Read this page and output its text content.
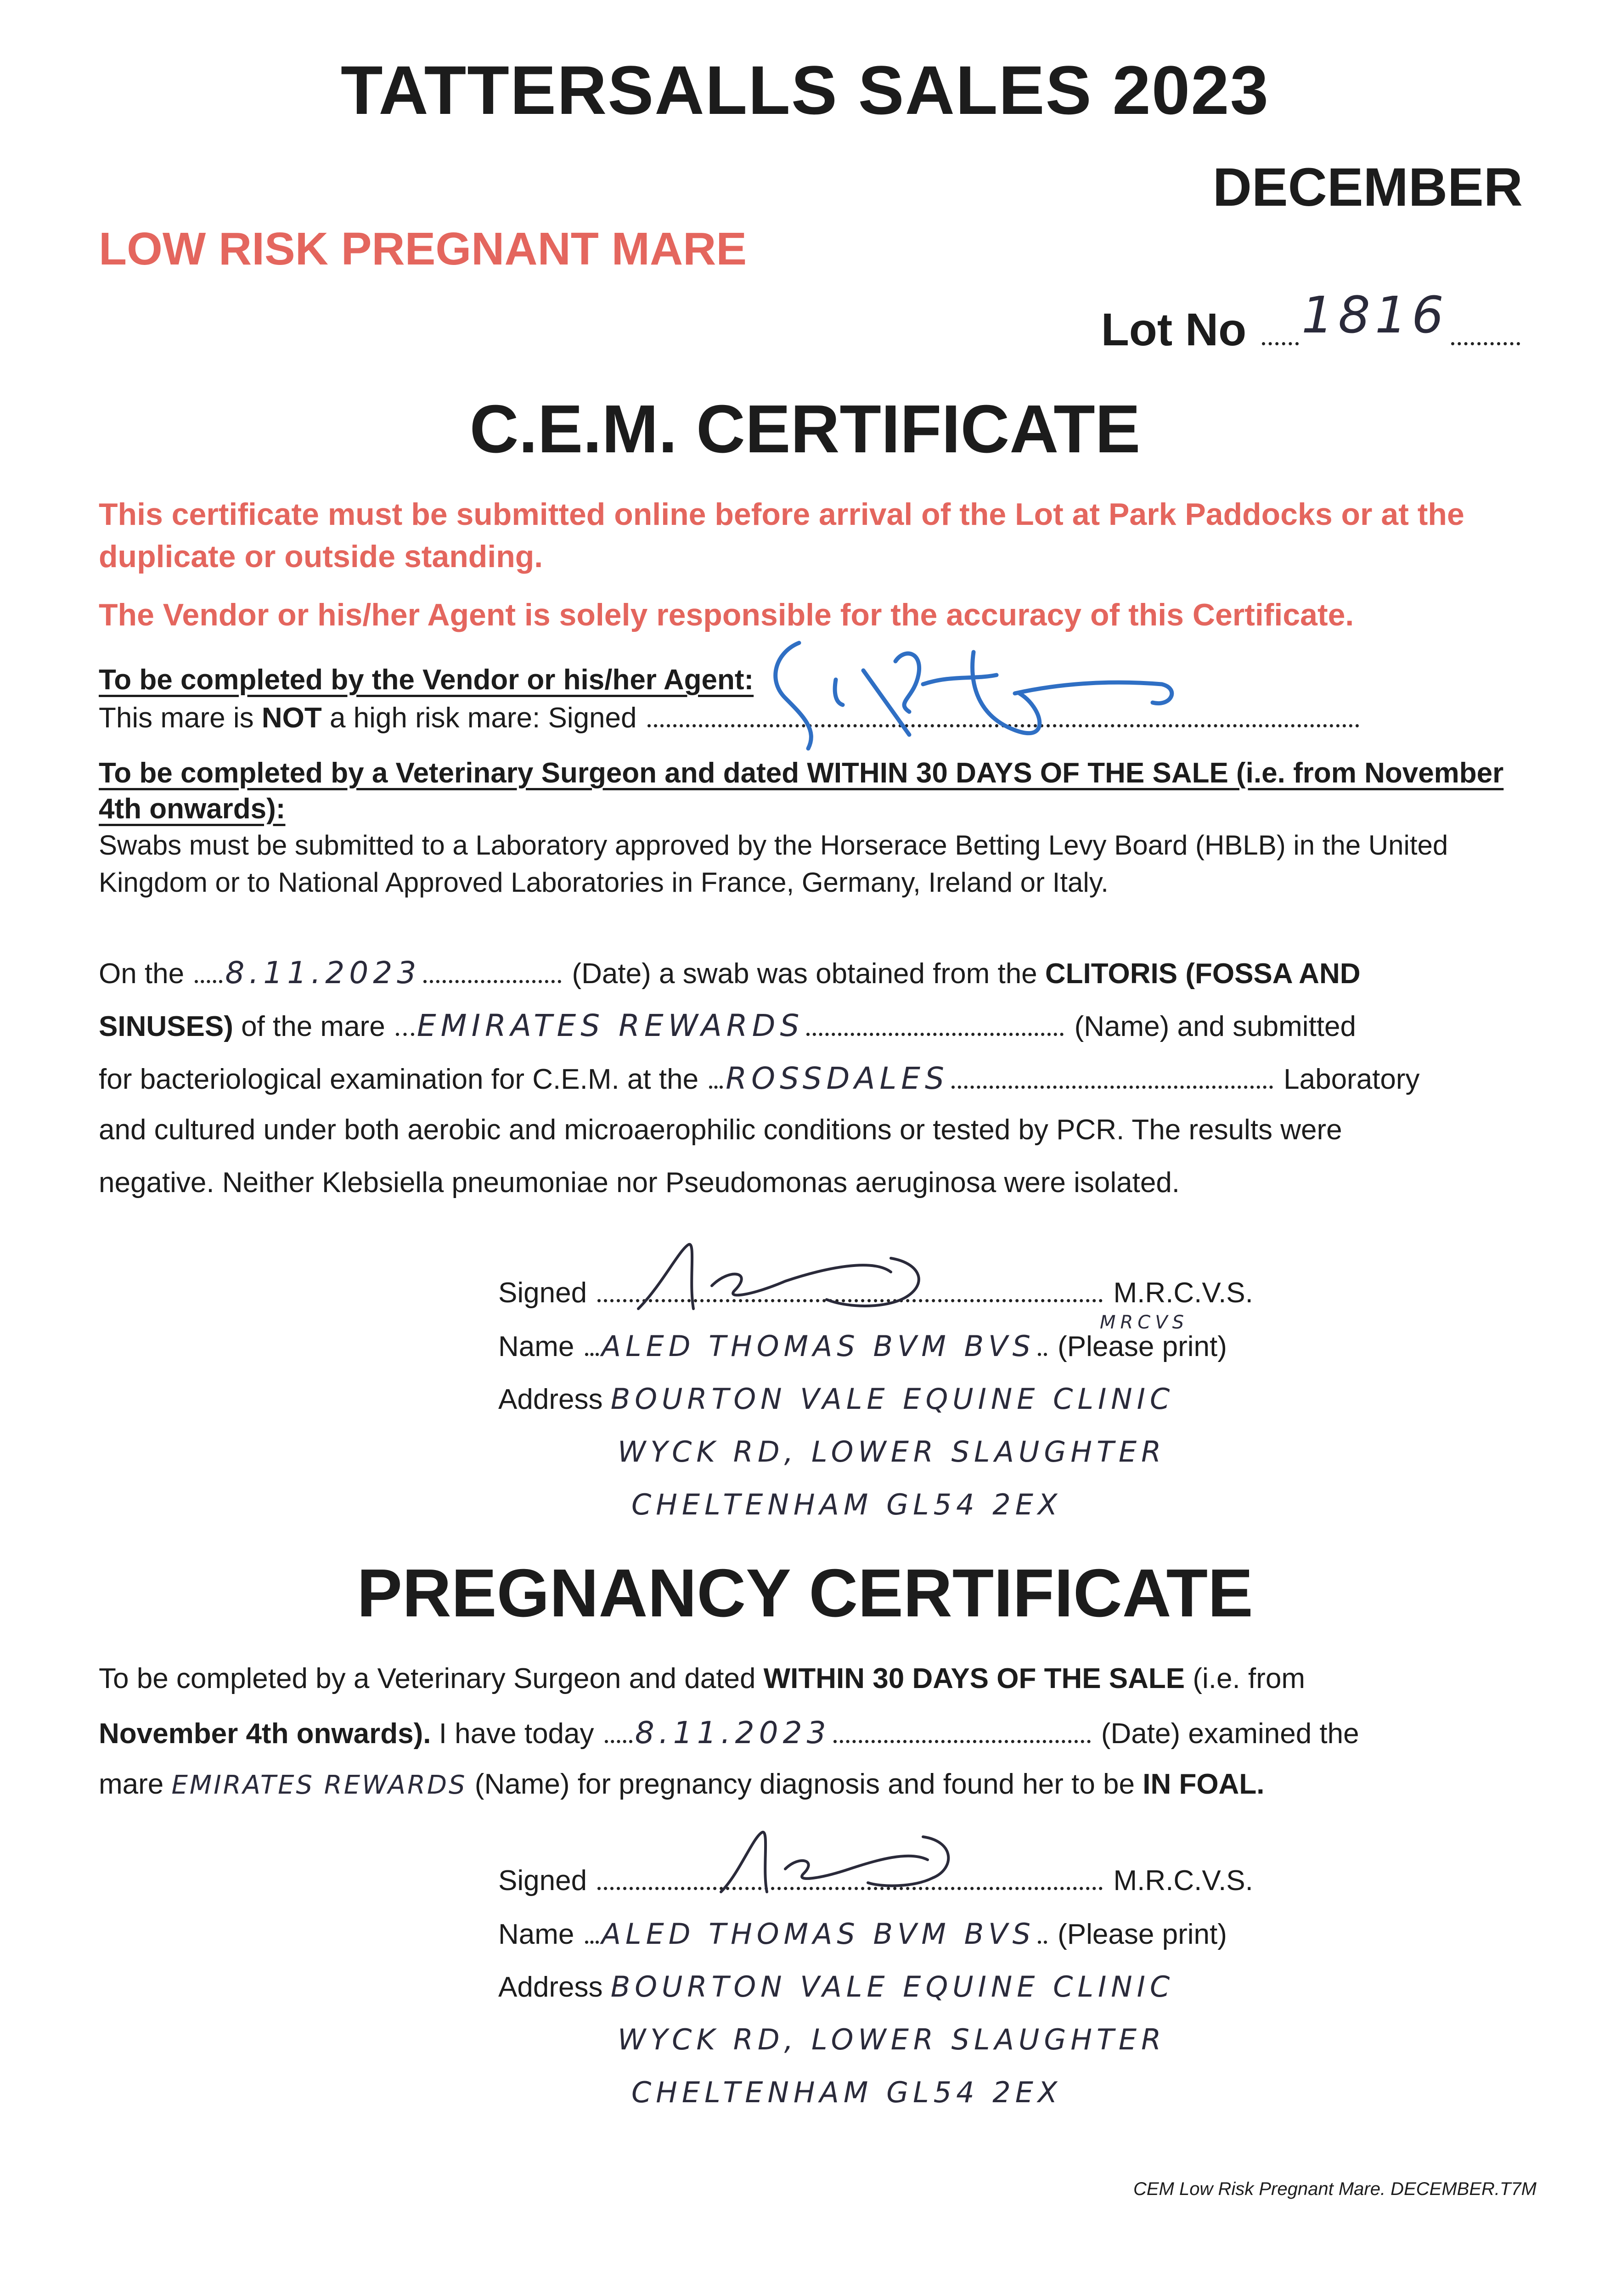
TATTERSALLS SALES 2023
DECEMBER
LOW RISK PREGNANT MARE
Lot No 1816
C.E.M. CERTIFICATE
This certificate must be submitted online before arrival of the Lot at Park Paddocks or at the duplicate or outside standing.
The Vendor or his/her Agent is solely responsible for the accuracy of this Certificate.
To be completed by the Vendor or his/her Agent:
This mare is NOT a high risk mare: Signed
To be completed by a Veterinary Surgeon and dated WITHIN 30 DAYS OF THE SALE (i.e. from November 4th onwards):
Swabs must be submitted to a Laboratory approved by the Horserace Betting Levy Board (HBLB) in the United Kingdom or to National Approved Laboratories in France, Germany, Ireland or Italy.
On the 8.11.2023	(Date) a swab was obtained from the CLITORIS (FOSSA AND
SINUSES) of the mare EMIRATES REWARDS	(Name) and submitted
for bacteriological examination for C.E.M. at the ROSSDALES	Laboratory
and cultured under both aerobic and microaerophilic conditions or tested by PCR. The results were
negative. Neither Klebsiella pneumoniae nor Pseudomonas aeruginosa were isolated.
Signed	M.R.C.V.S.
Name ALED THOMAS BVM BVS (Please print)
MRCVS
Address BOURTON VALE EQUINE CLINIC
WYCK RD, LOWER SLAUGHTER
CHELTENHAM GL54 2EX
PREGNANCY CERTIFICATE
To be completed by a Veterinary Surgeon and dated WITHIN 30 DAYS OF THE SALE (i.e. from
November 4th onwards). I have today 8.11.2023	(Date) examined the
mare EMIRATES REWARDS (Name) for pregnancy diagnosis and found her to be IN FOAL.
Signed	M.R.C.V.S.
Name ALED THOMAS BVM BVS (Please print)
Address BOURTON VALE EQUINE CLINIC
WYCK RD, LOWER SLAUGHTER
CHELTENHAM GL54 2EX
CEM Low Risk Pregnant Mare. DECEMBER.T7M
